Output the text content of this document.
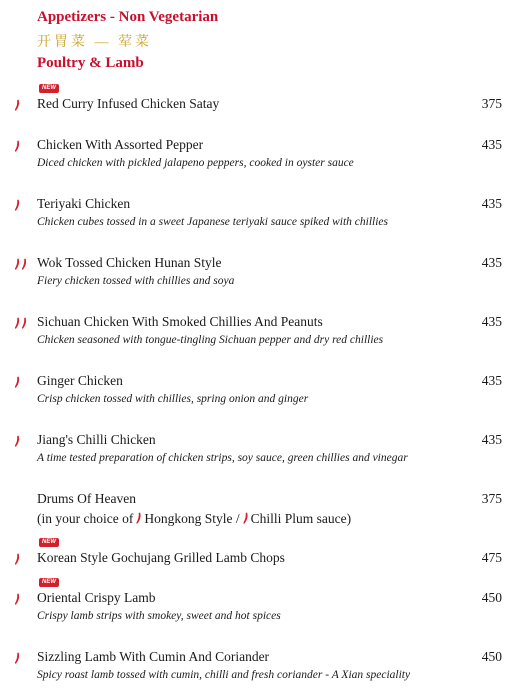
Appetizers - Non Vegetarian
开胃菜 — 荤菜
Poultry & Lamb
NEW
Red Curry Infused Chicken Satay	375
Chicken With Assorted Pepper	435
Diced chicken with pickled jalapeno peppers, cooked in oyster sauce
Teriyaki Chicken	435
Chicken cubes tossed in a sweet Japanese teriyaki sauce spiked with chillies
Wok Tossed Chicken Hunan Style	435
Fiery chicken tossed with chillies and soya
Sichuan Chicken With Smoked Chillies And Peanuts	435
Chicken seasoned with tongue-tingling Sichuan pepper and dry red chillies
Ginger Chicken	435
Crisp chicken tossed with chillies, spring onion and ginger
Jiang's Chilli Chicken	435
A time tested preparation of chicken strips, soy sauce, green chillies and vinegar
Drums Of Heaven	375
(in your choice of Hongkong Style / Chilli Plum sauce)
NEW
Korean Style Gochujang Grilled Lamb Chops	475
NEW
Oriental Crispy Lamb	450
Crispy lamb strips with smokey, sweet and hot spices
Sizzling Lamb With Cumin And Coriander	450
Spicy roast lamb tossed with cumin, chilli and fresh coriander - A Xian speciality
